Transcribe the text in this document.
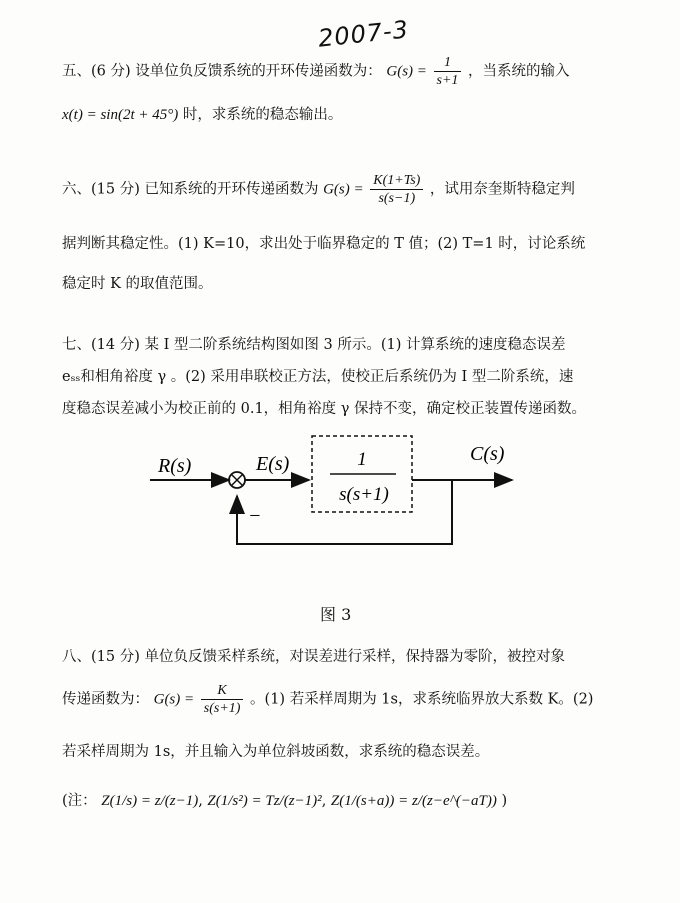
2007-3
五、(6 分) 设单位负反馈系统的开环传递函数为： $G(s) = \frac{1}{s+1}$ ，当系统的输入
x(t) = sin(2t + 45°) 时，求系统的稳态输出。
六、(15 分) 已知系统的开环传递函数为 $G(s) = \frac{K(1+Ts)}{s(s-1)}$ ，试用奈奎斯特稳定判
据判断其稳定性。(1) K=10，求出处于临界稳定的 T 值；(2) T=1 时，讨论系统
稳定时 K 的取值范围。
七、(14 分) 某 I 型二阶系统结构图如图 3 所示。(1) 计算系统的速度稳态误差
eₛₛ和相角裕度 γ 。(2) 采用串联校正方法，使校正后系统仍为 I 型二阶系统，速
度稳态误差减小为校正前的 0.1，相角裕度 γ 保持不变，确定校正装置传递函数。
R(s)	E(s)	C(s)
1
s(s+1)
−
图 3
八、(15 分) 单位负反馈采样系统，对误差进行采样，保持器为零阶，被控对象
传递函数为： $G(s) = \frac{K}{s(s+1)}$ 。(1) 若采样周期为 1s，求系统临界放大系数 K。(2)
若采样周期为 1s，并且输入为单位斜坡函数，求系统的稳态误差。
(注： Z(1/s) = z/(z−1), Z(1/s²) = Tz/(z−1)², Z(1/(s+a)) = z/(z−e^(−aT)) )
